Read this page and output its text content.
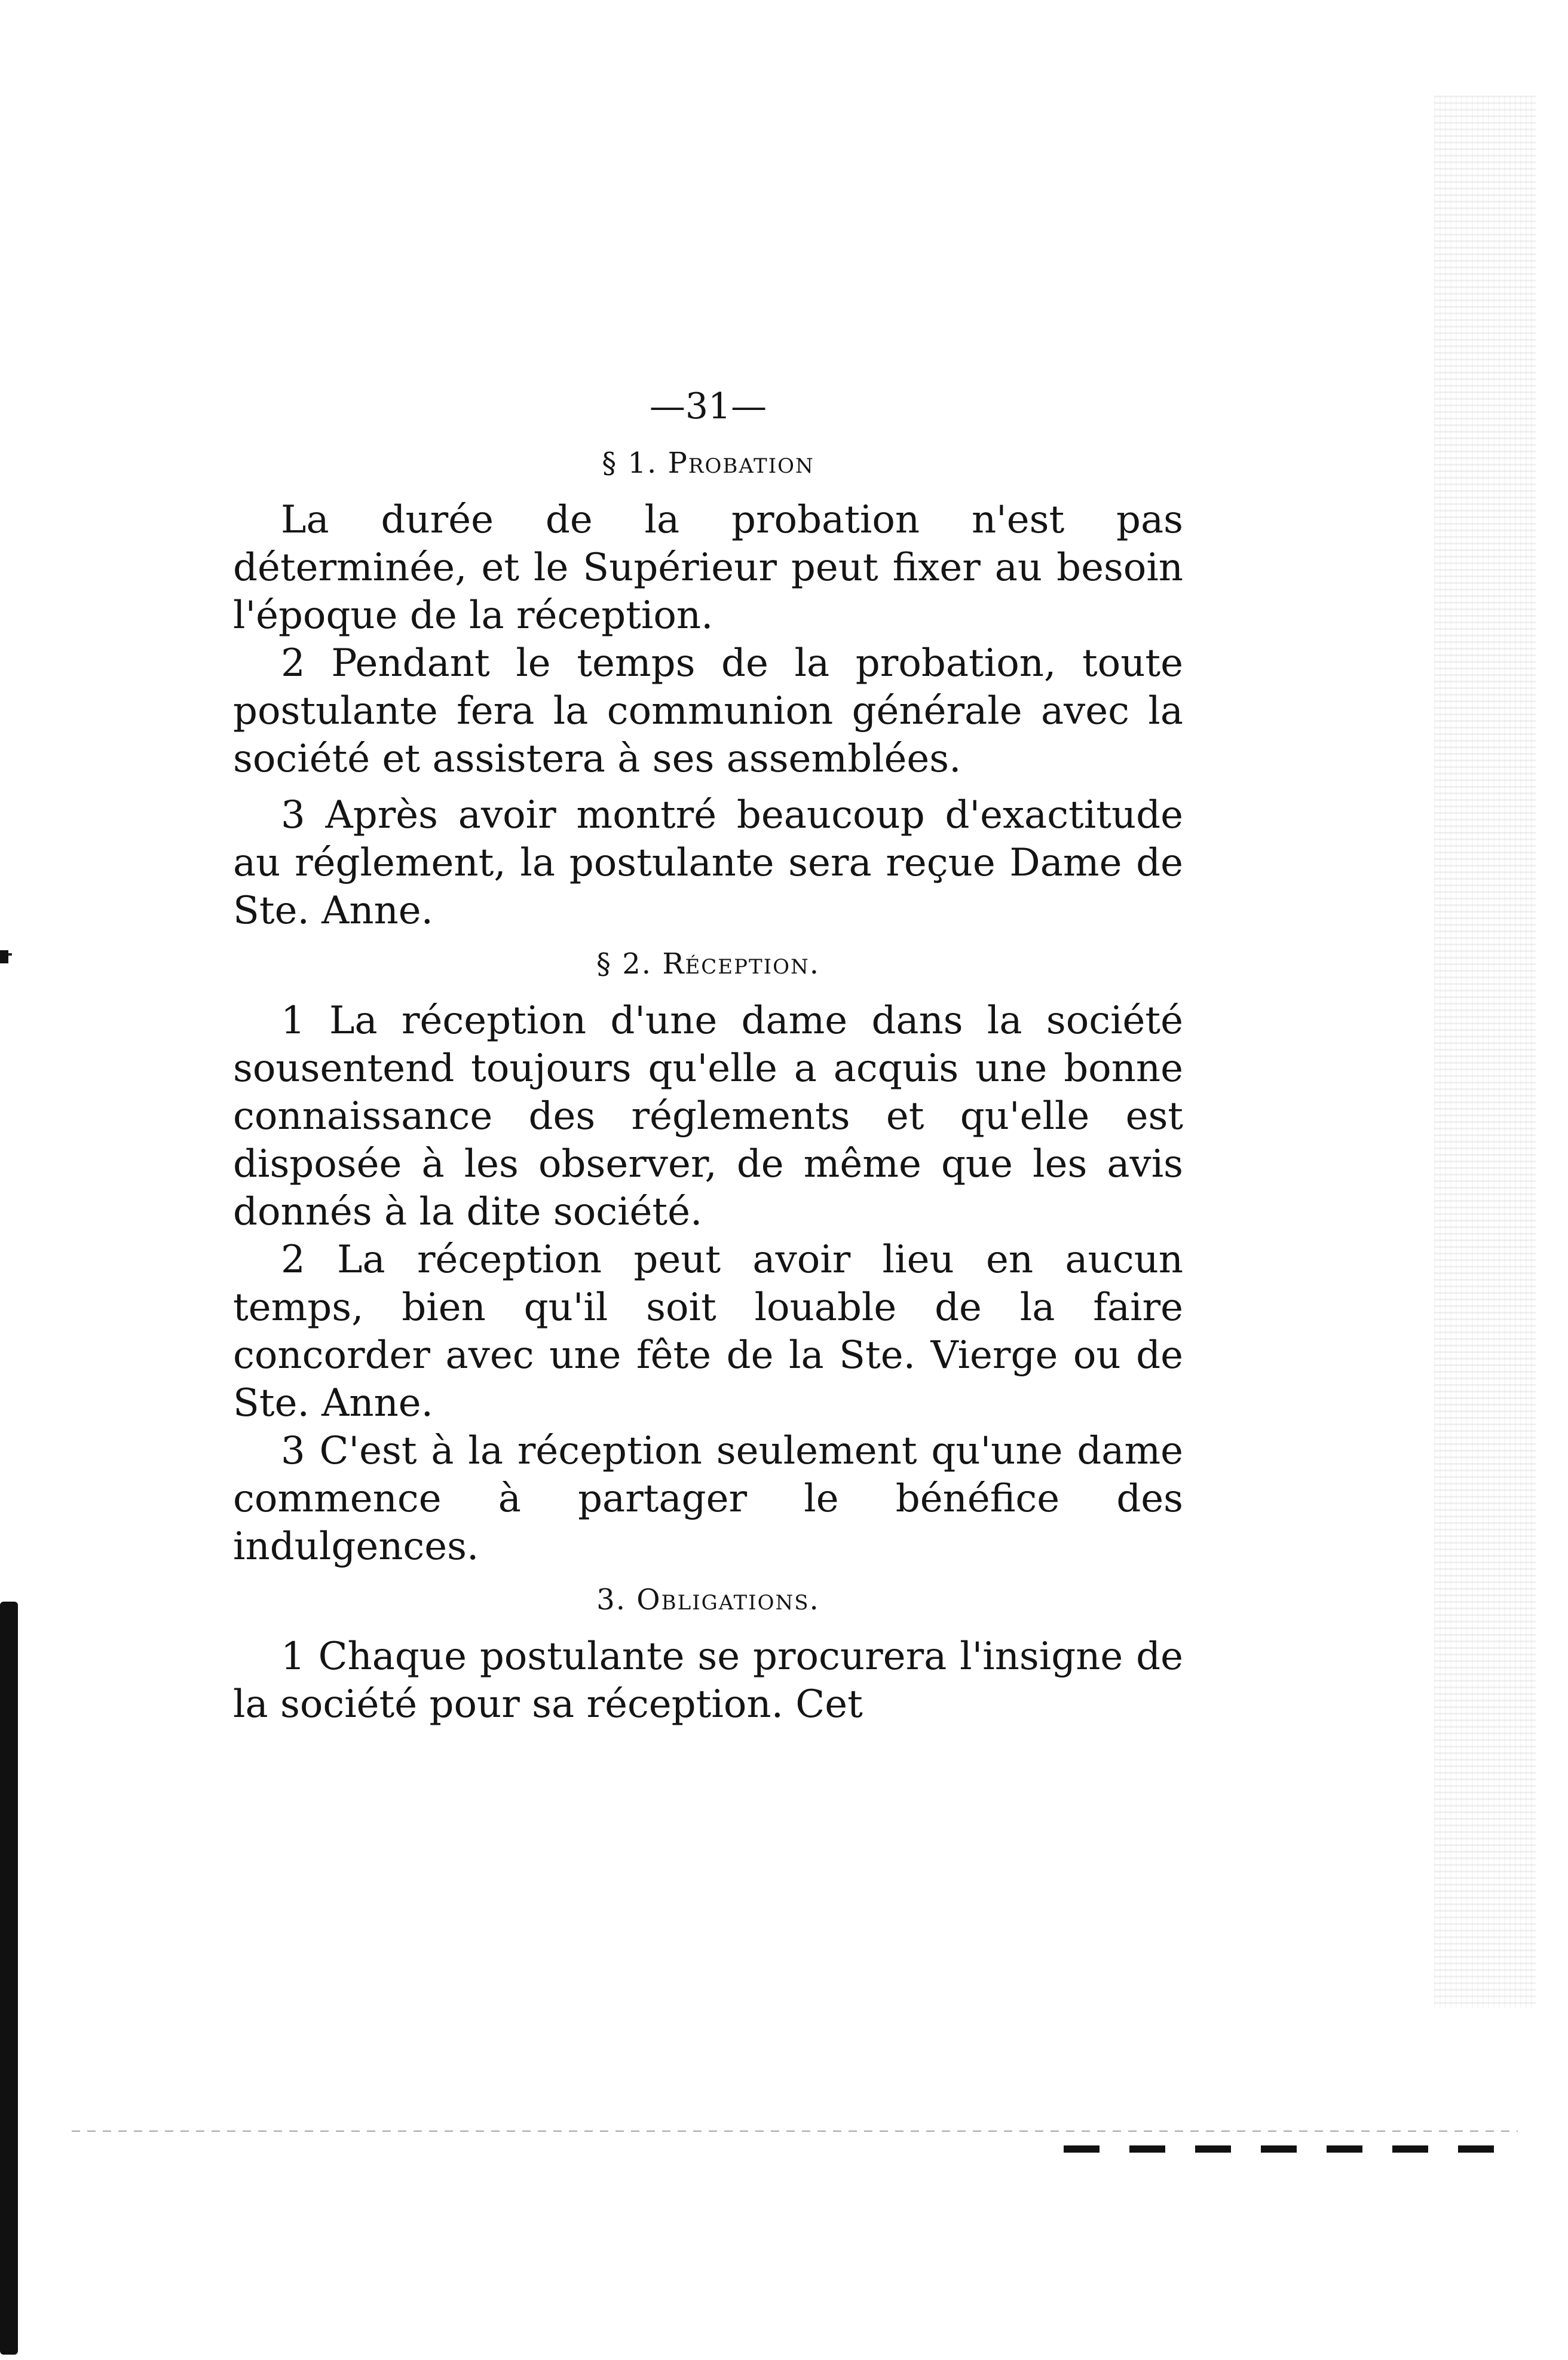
—31—
§ 1. Probation

La durée de la probation n'est pas déterminée, et le Supérieur peut fixer au besoin l'époque de la réception.

2 Pendant le temps de la probation, toute postulante fera la communion générale avec la société et assistera à ses assemblées.

3 Après avoir montré beaucoup d'exactitude au réglement, la postulante sera reçue Dame de Ste. Anne.

§ 2. Réception.

1 La réception d'une dame dans la société sousentend toujours qu'elle a acquis une bonne connaissance des réglements et qu'elle est disposée à les observer, de même que les avis donnés à la dite société.

2 La réception peut avoir lieu en aucun temps, bien qu'il soit louable de la faire concorder avec une fête de la Ste. Vierge ou de Ste. Anne.

3 C'est à la réception seulement qu'une dame commence à partager le bénéfice des indulgences.

3. Obligations.

1 Chaque postulante se procurera l'insigne de la société pour sa réception. Cet
